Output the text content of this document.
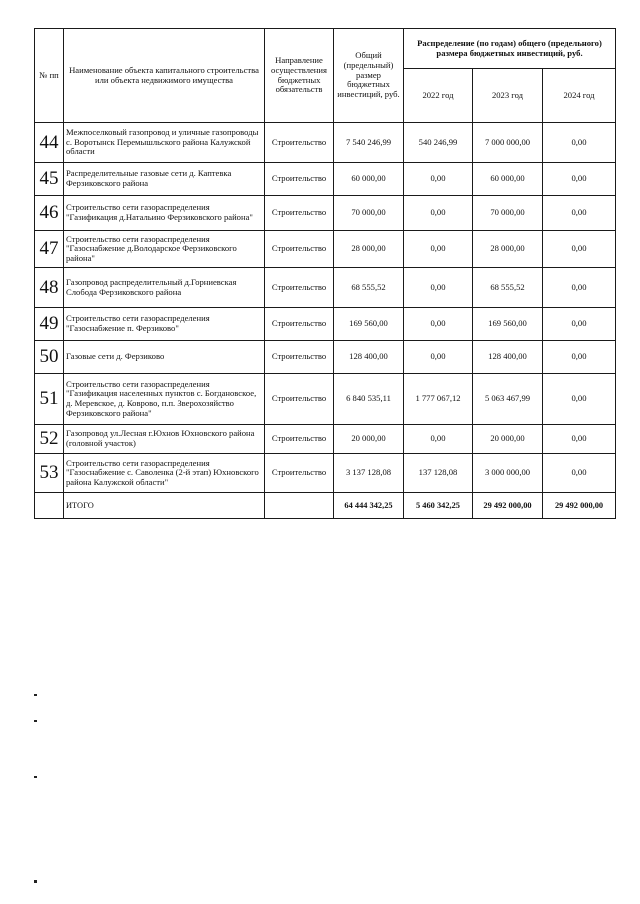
№ пп	Наименование объекта капитального строительства или объекта недвижимого имущества	Направление осуществления бюджетных обязательств	Общий (предельный) размер бюджетных инвестиций, руб.	Распределение (по годам) общего (предельного) размера бюджетных инвестиций, руб.		
				2022 год	2023 год	2024 год
44	Межпоселковый газопровод и уличные газопроводы с. Воротынск Перемышльского района Калужской области	Строительство	7 540 246,99	540 246,99	7 000 000,00	0,00
45	Распределительные газовые сети д. Каптевка Ферзиковского района	Строительство	60 000,00	0,00	60 000,00	0,00
46	Строительство сети газораспределения "Газификация д.Натальино Ферзиковского района"	Строительство	70 000,00	0,00	70 000,00	0,00
47	Строительство сети газораспределения "Газоснабжение д.Володарское Ферзиковского района"	Строительство	28 000,00	0,00	28 000,00	0,00
48	Газопровод распределительный д.Горниевская Слобода Ферзиковского района	Строительство	68 555,52	0,00	68 555,52	0,00
49	Строительство сети газораспределения "Газоснабжение п. Ферзиково"	Строительство	169 560,00	0,00	169 560,00	0,00
50	Газовые сети д. Ферзиково	Строительство	128 400,00	0,00	128 400,00	0,00
51	Строительство сети газораспределения "Газификация населенных пунктов с. Богдановское, д. Меревское, д. Коврово, п.п. Зверохозяйство Ферзиковского района"	Строительство	6 840 535,11	1 777 067,12	5 063 467,99	0,00
52	Газопровод ул.Лесная г.Юхнов Юхновского района (головной участок)	Строительство	20 000,00	0,00	20 000,00	0,00
53	Строительство сети газораспределения "Газоснабжение с. Саволенка (2-й этап) Юхновского района Калужской области"	Строительство	3 137 128,08	137 128,08	3 000 000,00	0,00
	ИТОГО		64 444 342,25	5 460 342,25	29 492 000,00	29 492 000,00
